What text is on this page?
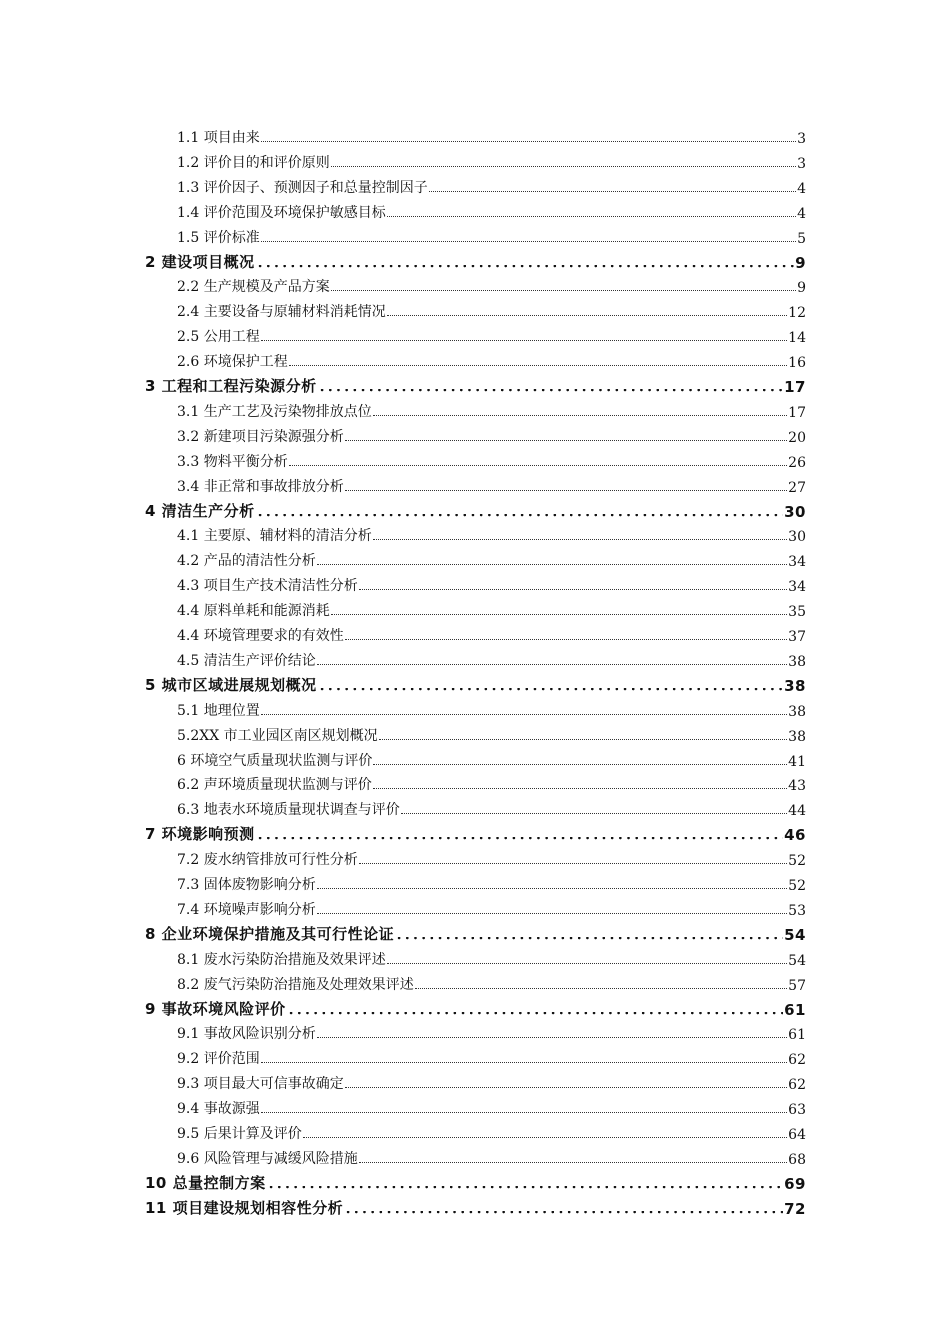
1.1 项目由来	3
1.2 评价目的和评价原则	3
1.3 评价因子、预测因子和总量控制因子	4
1.4 评价范围及环境保护敏感目标	4
1.5 评价标准	5
2 建设项目概况	9
2.2 生产规模及产品方案	9
2.4 主要设备与原辅材料消耗情况	12
2.5 公用工程	14
2.6 环境保护工程	16
3 工程和工程污染源分析	17
3.1 生产工艺及污染物排放点位	17
3.2 新建项目污染源强分析	20
3.3 物料平衡分析	26
3.4 非正常和事故排放分析	27
4 清洁生产分析	30
4.1 主要原、辅材料的清洁分析	30
4.2 产品的清洁性分析	34
4.3 项目生产技术清洁性分析	34
4.4 原料单耗和能源消耗	35
4.4 环境管理要求的有效性	37
4.5 清洁生产评价结论	38
5 城市区域进展规划概况	38
5.1 地理位置	38
5.2XX 市工业园区南区规划概况	38
6 环境空气质量现状监测与评价	41
6.2 声环境质量现状监测与评价	43
6.3 地表水环境质量现状调查与评价	44
7 环境影响预测	46
7.2 废水纳管排放可行性分析	52
7.3 固体废物影响分析	52
7.4 环境噪声影响分析	53
8 企业环境保护措施及其可行性论证	54
8.1 废水污染防治措施及效果评述	54
8.2 废气污染防治措施及处理效果评述	57
9 事故环境风险评价	61
9.1 事故风险识别分析	61
9.2 评价范围	62
9.3 项目最大可信事故确定	62
9.4 事故源强	63
9.5 后果计算及评价	64
9.6 风险管理与减缓风险措施	68
10 总量控制方案	69
11 项目建设规划相容性分析	72
